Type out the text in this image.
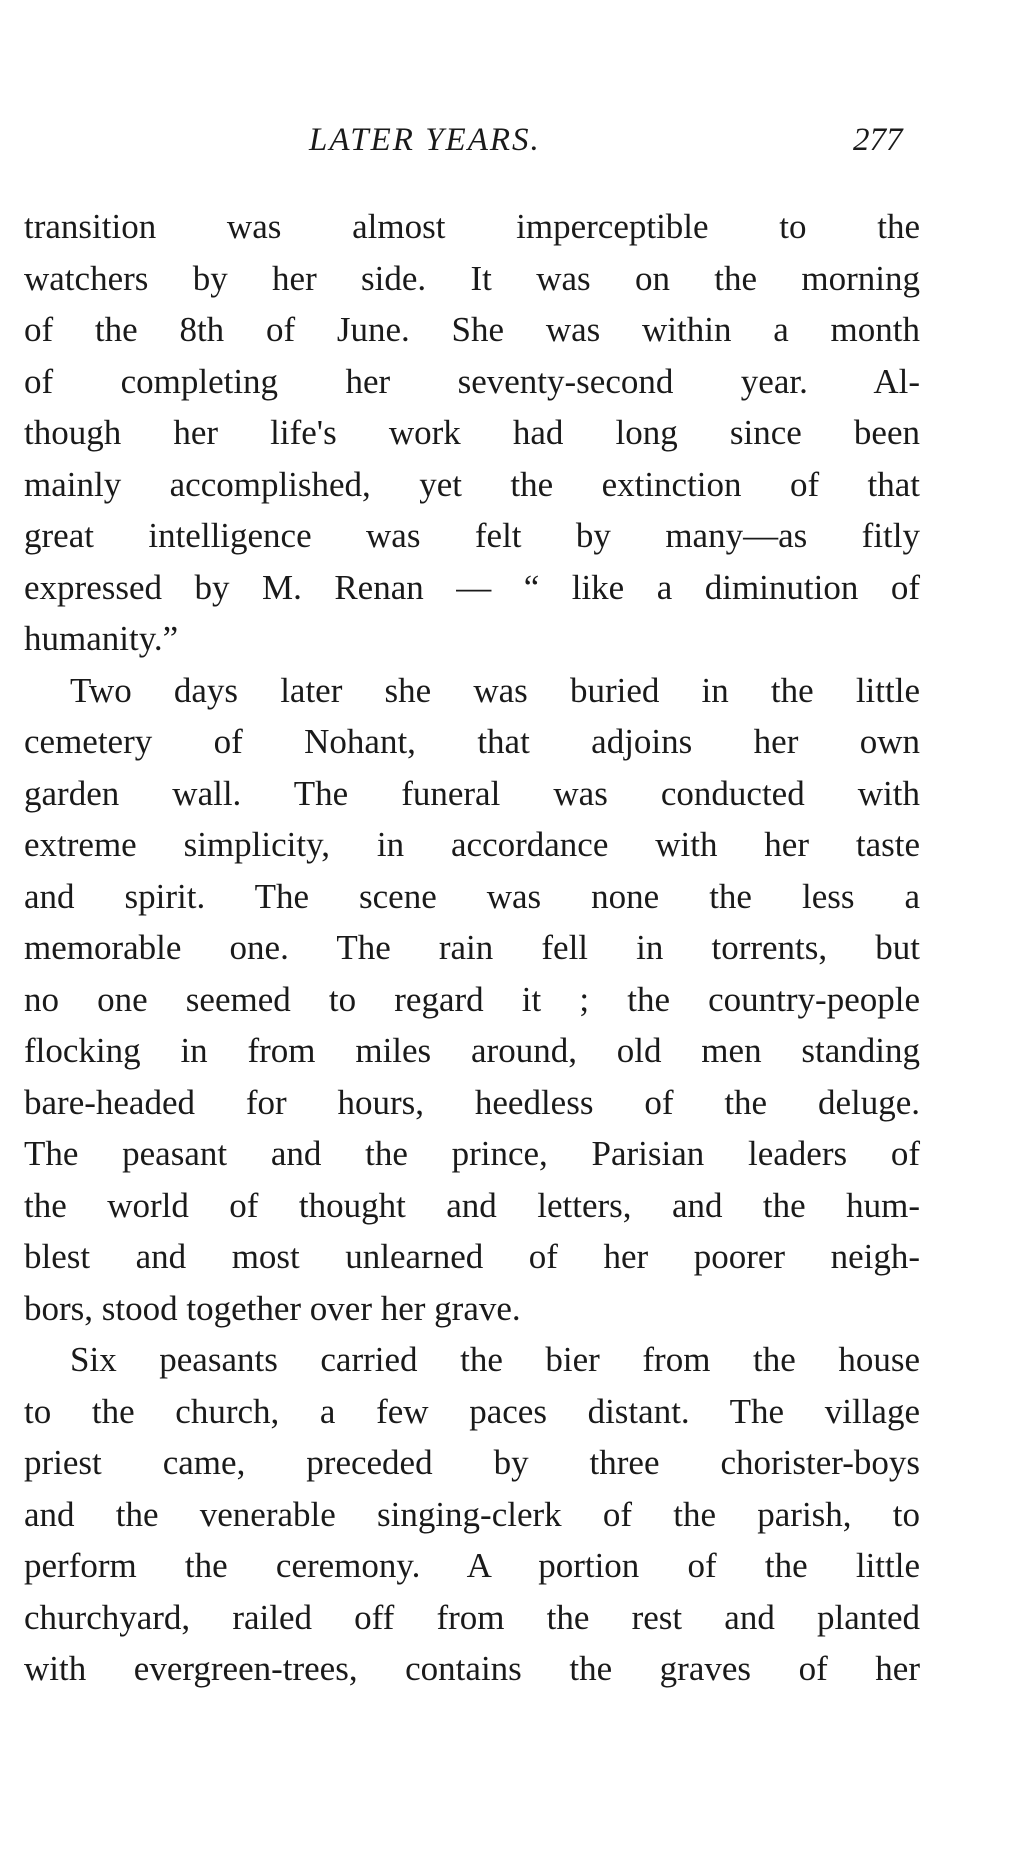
LATER YEARS.	277
transition was almost imperceptible to the
watchers by her side. It was on the morning
of the 8th of June. She was within a month
of completing her seventy-second year. Al-
though her life's work had long since been
mainly accomplished, yet the extinction of that
great intelligence was felt by many—as fitly
expressed by M. Renan — “ like a diminution of
humanity.”
Two days later she was buried in the little
cemetery of Nohant, that adjoins her own
garden wall. The funeral was conducted with
extreme simplicity, in accordance with her taste
and spirit. The scene was none the less a
memorable one. The rain fell in torrents, but
no one seemed to regard it ; the country-people
flocking in from miles around, old men standing
bare-headed for hours, heedless of the deluge.
The peasant and the prince, Parisian leaders of
the world of thought and letters, and the hum-
blest and most unlearned of her poorer neigh-
bors, stood together over her grave.
Six peasants carried the bier from the house
to the church, a few paces distant. The village
priest came, preceded by three chorister-boys
and the venerable singing-clerk of the parish, to
perform the ceremony. A portion of the little
churchyard, railed off from the rest and planted
with evergreen-trees, contains the graves of her
